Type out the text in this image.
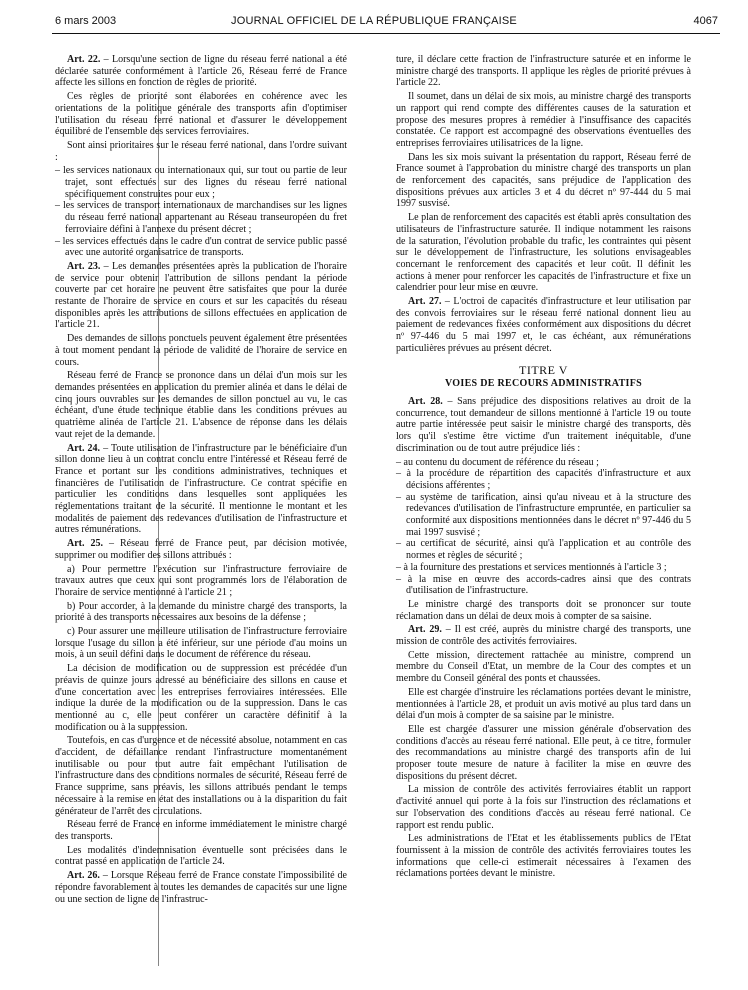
6 mars 2003	JOURNAL OFFICIEL DE LA RÉPUBLIQUE FRANÇAISE	4067

Art. 22. – Lorsqu'une section de ligne du réseau ferré national a été déclarée saturée conformément à l'article 26, Réseau ferré de France affecte les sillons en fonction de règles de priorité.

Ces règles de priorité sont élaborées en cohérence avec les orientations de la politique générale des transports afin d'optimiser l'utilisation du réseau ferré national et d'assurer le développement équilibré de l'ensemble des services ferroviaires.

Sont ainsi prioritaires sur le réseau ferré national, dans l'ordre suivant :

– les services nationaux ou internationaux qui, sur tout ou partie de leur trajet, sont effectués sur des lignes du réseau ferré national spécifiquement construites pour eux ;
– les services de transport internationaux de marchandises sur les lignes du réseau ferré national appartenant au Réseau transeuropéen du fret ferroviaire défini à l'annexe du présent décret ;
– les services effectués dans le cadre d'un contrat de service public passé avec une autorité organisatrice de transports.

Art. 23. – Les demandes présentées après la publication de l'horaire de service pour obtenir l'attribution de sillons pendant la période couverte par cet horaire ne peuvent être satisfaites que pour la durée restante de l'horaire de service en cours et sur les capacités du réseau disponibles après les attributions de sillons effectuées en application de l'article 21.

Des demandes de sillons ponctuels peuvent également être présentées à tout moment pendant la période de validité de l'horaire de service en cours.

Réseau ferré de France se prononce dans un délai d'un mois sur les demandes présentées en application du premier alinéa et dans le délai de cinq jours ouvrables sur les demandes de sillon ponctuel au vu, le cas échéant, d'une étude technique établie dans les conditions prévues au quatrième alinéa de l'article 21. L'absence de réponse dans les délais vaut rejet de la demande.

Art. 24. – Toute utilisation de l'infrastructure par le bénéficiaire d'un sillon donne lieu à un contrat conclu entre l'intéressé et Réseau ferré de France et portant sur les conditions administratives, techniques et financières de l'utilisation de l'infrastructure. Ce contrat spécifie en particulier les conditions dans lesquelles sont appliquées les réglementations traitant de la sécurité. Il mentionne le montant et les modalités de paiement des redevances d'utilisation de l'infrastructure et autres rémunérations.

Art. 25. – Réseau ferré de France peut, par décision motivée, supprimer ou modifier des sillons attribués :

a) Pour permettre l'exécution sur l'infrastructure ferroviaire de travaux autres que ceux qui sont programmés lors de l'élaboration de l'horaire de service mentionné à l'article 21 ;

b) Pour accorder, à la demande du ministre chargé des transports, la priorité à des transports nécessaires aux besoins de la défense ;

c) Pour assurer une meilleure utilisation de l'infrastructure ferroviaire lorsque l'usage du sillon a été inférieur, sur une période d'au moins un mois, à un seuil défini dans le document de référence du réseau.

La décision de modification ou de suppression est précédée d'un préavis de quinze jours adressé au bénéficiaire des sillons en cause et d'une concertation avec les entreprises ferroviaires intéressées. Elle indique la durée de la modification ou de la suppression. Dans le cas mentionné au c, elle peut conférer un caractère définitif à la modification ou à la suppression.

Toutefois, en cas d'urgence et de nécessité absolue, notamment en cas d'accident, de défaillance rendant l'infrastructure momentanément inutilisable ou pour tout autre fait empêchant l'utilisation de l'infrastructure dans des conditions normales de sécurité, Réseau ferré de France supprime, sans préavis, les sillons attribués pendant le temps nécessaire à la remise en état des installations ou à la disparition du fait générateur de l'arrêt des circulations.

Réseau ferré de France en informe immédiatement le ministre chargé des transports.

Les modalités d'indemnisation éventuelle sont précisées dans le contrat passé en application de l'article 24.

Art. 26. – Lorsque Réseau ferré de France constate l'impossibilité de répondre favorablement à toutes les demandes de capacités sur une ligne ou une section de ligne de l'infrastruc-

ture, il déclare cette fraction de l'infrastructure saturée et en informe le ministre chargé des transports. Il applique les règles de priorité prévues à l'article 22.

Il soumet, dans un délai de six mois, au ministre chargé des transports un rapport qui rend compte des différentes causes de la saturation et propose des mesures propres à remédier à l'insuffisance des capacités constatée. Ce rapport est accompagné des observations éventuelles des entreprises ferroviaires utilisatrices de la ligne.

Dans les six mois suivant la présentation du rapport, Réseau ferré de France soumet à l'approbation du ministre chargé des transports un plan de renforcement des capacités, sans préjudice de l'application des dispositions prévues aux articles 3 et 4 du décret nº 97-444 du 5 mai 1997 susvisé.

Le plan de renforcement des capacités est établi après consultation des utilisateurs de l'infrastructure saturée. Il indique notamment les raisons de la saturation, l'évolution probable du trafic, les contraintes qui pèsent sur le développement de l'infrastructure, les solutions envisageables concernant le renforcement des capacités et leur coût. Il définit les actions à mener pour renforcer les capacités de l'infrastructure et fixe un calendrier pour leur mise en œuvre.

Art. 27. – L'octroi de capacités d'infrastructure et leur utilisation par des convois ferroviaires sur le réseau ferré national donnent lieu au paiement de redevances fixées conformément aux dispositions du décret nº 97-446 du 5 mai 1997 et, le cas échéant, aux rémunérations particulières prévues au présent décret.

TITRE V
VOIES DE RECOURS ADMINISTRATIFS

Art. 28. – Sans préjudice des dispositions relatives au droit de la concurrence, tout demandeur de sillons mentionné à l'article 19 ou toute autre partie intéressée peut saisir le ministre chargé des transports, dès lors qu'il s'estime être victime d'un traitement inéquitable, d'une discrimination ou de tout autre préjudice liés :

– au contenu du document de référence du réseau ;
– à la procédure de répartition des capacités d'infrastructure et aux décisions afférentes ;
– au système de tarification, ainsi qu'au niveau et à la structure des redevances d'utilisation de l'infrastructure empruntée, en particulier sa conformité aux dispositions mentionnées dans le décret nº 97-446 du 5 mai 1997 susvisé ;
– au certificat de sécurité, ainsi qu'à l'application et au contrôle des normes et règles de sécurité ;
– à la fourniture des prestations et services mentionnés à l'article 3 ;
– à la mise en œuvre des accords-cadres ainsi que des contrats d'utilisation de l'infrastructure.

Le ministre chargé des transports doit se prononcer sur toute réclamation dans un délai de deux mois à compter de sa saisine.

Art. 29. – Il est créé, auprès du ministre chargé des transports, une mission de contrôle des activités ferroviaires.

Cette mission, directement rattachée au ministre, comprend un membre du Conseil d'Etat, un membre de la Cour des comptes et un membre du Conseil général des ponts et chaussées.

Elle est chargée d'instruire les réclamations portées devant le ministre, mentionnées à l'article 28, et produit un avis motivé au plus tard dans un délai d'un mois à compter de sa saisine par le ministre.

Elle est chargée d'assurer une mission générale d'observation des conditions d'accès au réseau ferré national. Elle peut, à ce titre, formuler des recommandations au ministre chargé des transports afin de lui proposer toute mesure de nature à faciliter la mise en œuvre des dispositions du présent décret.

La mission de contrôle des activités ferroviaires établit un rapport d'activité annuel qui porte à la fois sur l'instruction des réclamations et sur l'observation des conditions d'accès au réseau ferré national. Ce rapport est rendu public.

Les administrations de l'Etat et les établissements publics de l'Etat fournissent à la mission de contrôle des activités ferroviaires toutes les informations que celle-ci estimerait nécessaires à l'examen des réclamations portées devant le ministre.
